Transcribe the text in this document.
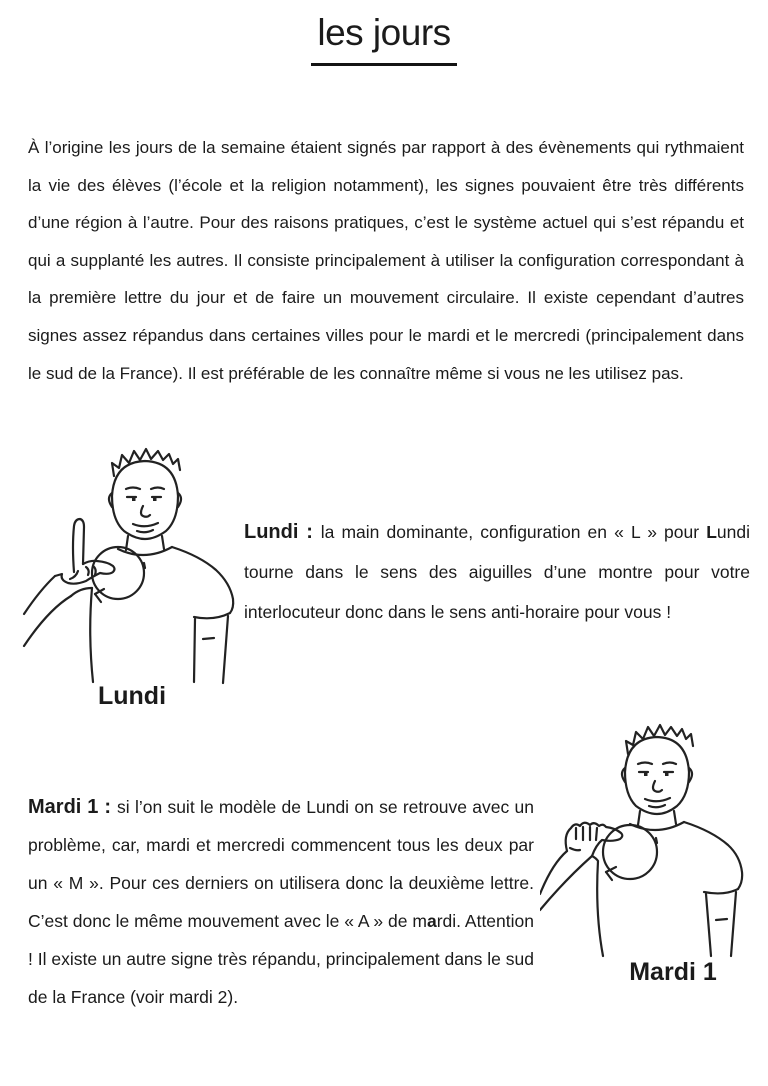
les jours

À l’origine les jours de la semaine étaient signés par rapport à des évènements qui rythmaient la vie des élèves (l’école et la religion notamment), les signes pouvaient être très différents d’une région à l’autre. Pour des raisons pratiques, c’est le système actuel qui s’est répandu et qui a supplanté les autres. Il consiste principalement à utiliser la configuration correspondant à la première lettre du jour et de faire un mouvement circulaire. Il existe cependant d’autres signes assez répandus dans certaines villes pour le mardi et le mercredi (principalement dans le sud de la France). Il est préférable de les connaître même si vous ne les utilisez pas.

Lundi

Lundi : la main dominante, configuration en « L » pour Lundi tourne dans le sens des aiguilles d’une montre pour votre interlocuteur donc dans le sens anti-horaire pour vous !

Mardi 1 : si l’on suit le modèle de Lundi on se retrouve avec un problème, car, mardi et mercredi commencent tous les deux par un « M ». Pour ces derniers on utilisera donc la deuxième lettre. C’est donc le même mouvement avec le « A » de mardi. Attention ! Il existe un autre signe très répandu, principalement dans le sud de la France (voir mardi 2).

Mardi 1
